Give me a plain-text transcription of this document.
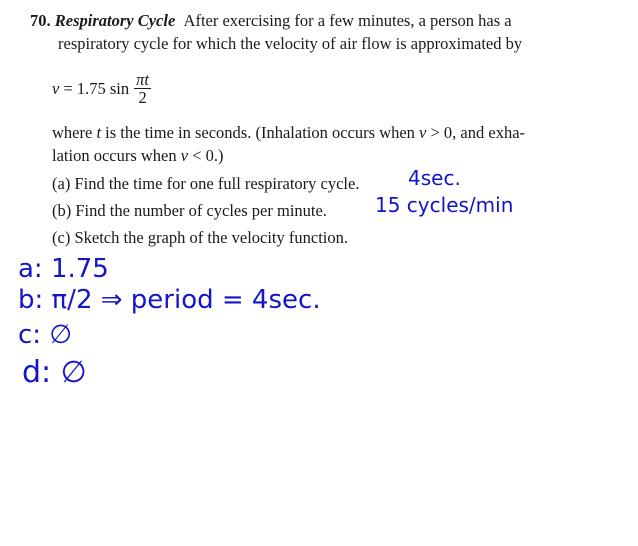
70. Respiratory Cycle After exercising for a few minutes, a person has a
respiratory cycle for which the velocity of air flow is approximated by
v = 1.75 $\sin \frac{\pi t}{2}$
where t is the time in seconds. (Inhalation occurs when v > 0, and exha-
lation occurs when v < 0.)
(a) Find the time for one full respiratory cycle.
(b) Find the number of cycles per minute.
(c) Sketch the graph of the velocity function.
4sec.
15 cycles/min
a: 1.75
b: π/2 ⇒ period = 4sec.
c: ∅
d: ∅
